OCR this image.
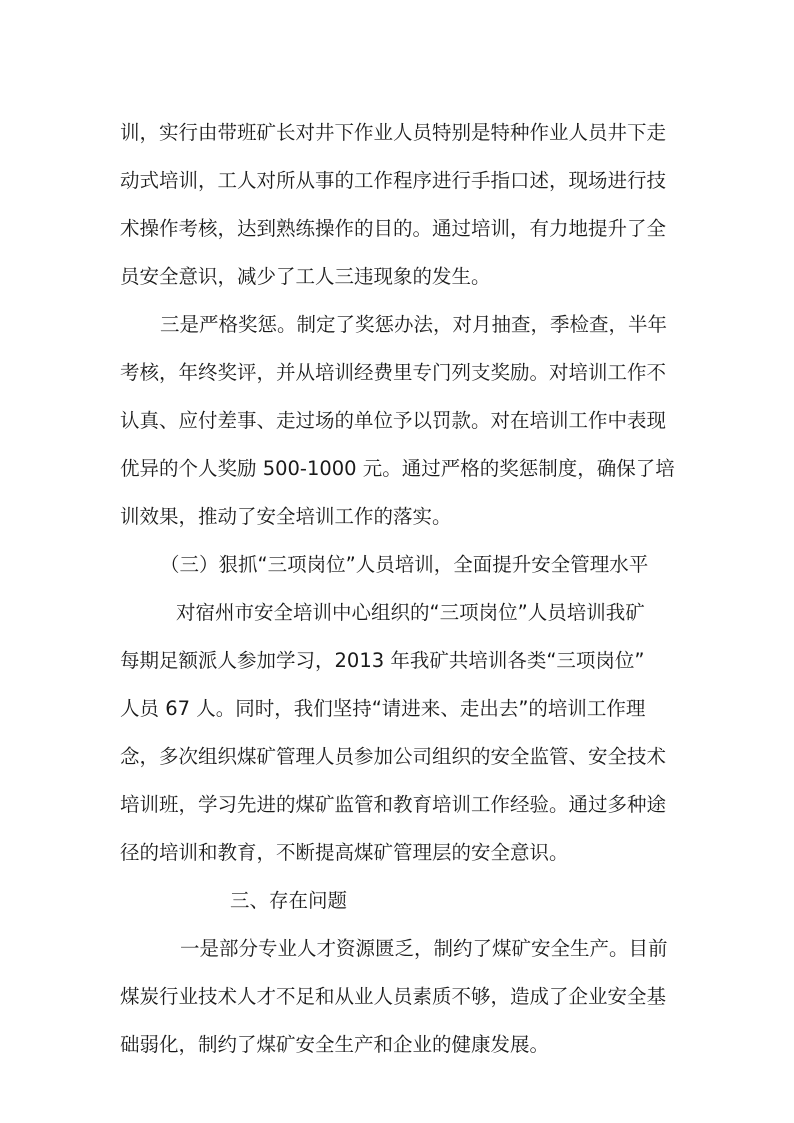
训，实行由带班矿长对井下作业人员特别是特种作业人员井下走
动式培训，工人对所从事的工作程序进行手指口述，现场进行技
术操作考核，达到熟练操作的目的。通过培训，有力地提升了全
员安全意识，减少了工人三违现象的发生。
三是严格奖惩。制定了奖惩办法，对月抽查，季检查，半年
考核，年终奖评，并从培训经费里专门列支奖励。对培训工作不
认真、应付差事、走过场的单位予以罚款。对在培训工作中表现
优异的个人奖励 500-1000 元。通过严格的奖惩制度，确保了培
训效果，推动了安全培训工作的落实。
（三）狠抓“三项岗位”人员培训，全面提升安全管理水平
对宿州市安全培训中心组织的“三项岗位”人员培训我矿
每期足额派人参加学习，2013 年我矿共培训各类“三项岗位”
人员 67 人。同时，我们坚持“请进来、走出去”的培训工作理
念，多次组织煤矿管理人员参加公司组织的安全监管、安全技术
培训班，学习先进的煤矿监管和教育培训工作经验。通过多种途
径的培训和教育，不断提高煤矿管理层的安全意识。
三、存在问题
一是部分专业人才资源匮乏，制约了煤矿安全生产。目前
煤炭行业技术人才不足和从业人员素质不够，造成了企业安全基
础弱化，制约了煤矿安全生产和企业的健康发展。
